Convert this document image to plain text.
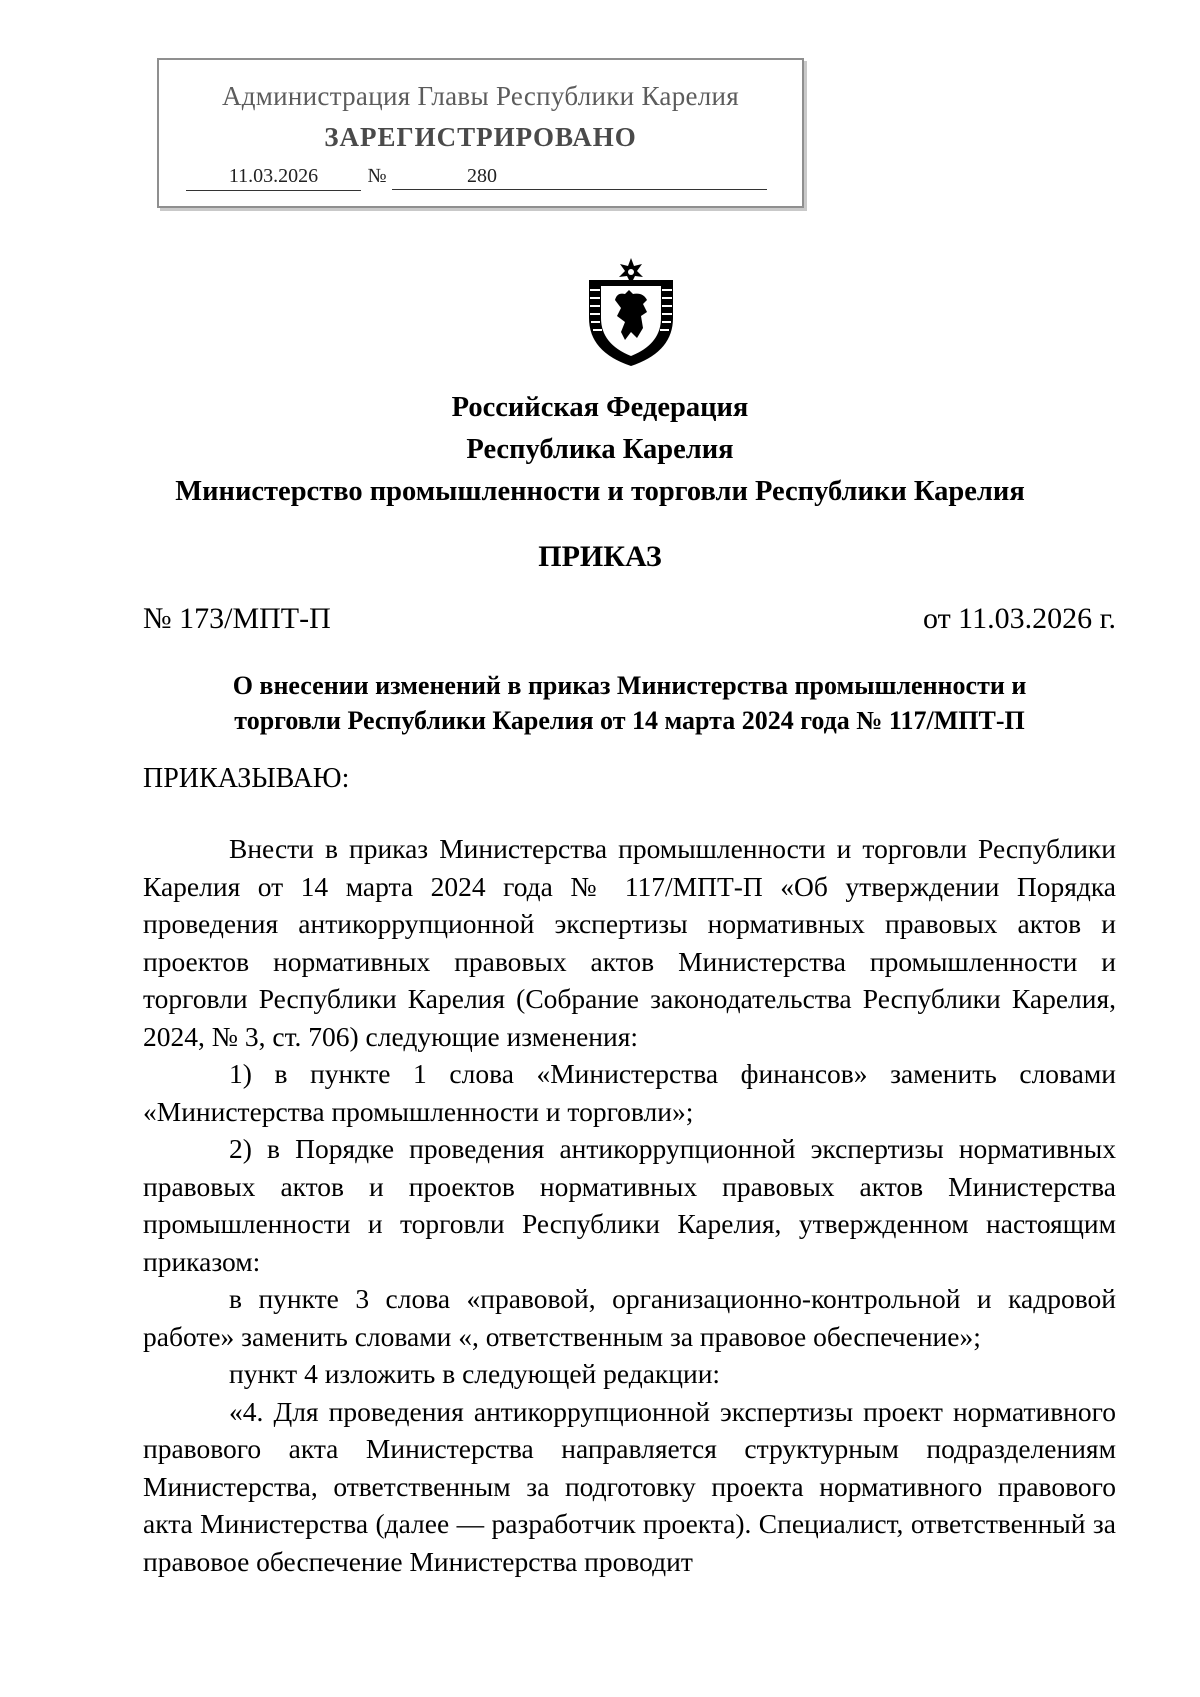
Администрация Главы Республики Карелия
ЗАРЕГИСТРИРОВАНО
11.03.2026	№	280
Российская Федерация
Республика Карелия
Министерство промышленности и торговли Республики Карелия
ПРИКАЗ
№ 173/МПТ-П	от 11.03.2026 г.
О внесении изменений в приказ Министерства промышленности и
торговли Республики Карелия от 14 марта 2024 года № 117/МПТ-П
ПРИКАЗЫВАЮ:

Внести в приказ Министерства промышленности и торговли Республики Карелия от 14 марта 2024 года № 117/МПТ-П «Об утверждении Порядка проведения антикоррупционной экспертизы нормативных правовых актов и проектов нормативных правовых актов Министерства промышленности и торговли Республики Карелия (Собрание законодательства Республики Карелия, 2024, № 3, ст. 706) следующие изменения:

1) в пункте 1 слова «Министерства финансов» заменить словами «Министерства промышленности и торговли»;

2) в Порядке проведения антикоррупционной экспертизы нормативных правовых актов и проектов нормативных правовых актов Министерства промышленности и торговли Республики Карелия, утвержденном настоящим приказом:

в пункте 3 слова «правовой, организационно-контрольной и кадровой работе» заменить словами «, ответственным за правовое обеспечение»;

пункт 4 изложить в следующей редакции:

«4. Для проведения антикоррупционной экспертизы проект нормативного правового акта Министерства направляется структурным подразделениям Министерства, ответственным за подготовку проекта нормативного правового акта Министерства (далее — разработчик проекта). Специалист, ответственный за правовое обеспечение Министерства проводит
